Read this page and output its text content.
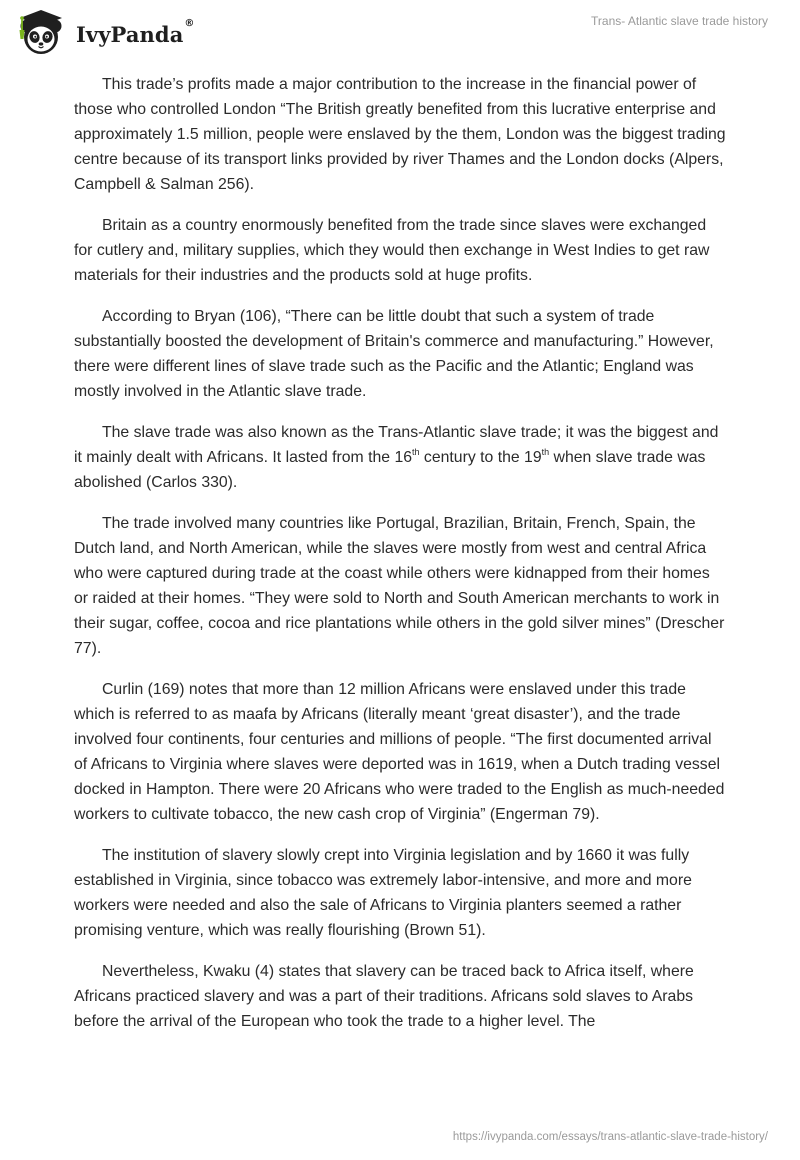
IvyPanda®	Trans- Atlantic slave trade history

This trade’s profits made a major contribution to the increase in the financial power of those who controlled London “The British greatly benefited from this lucrative enterprise and approximately 1.5 million, people were enslaved by the them, London was the biggest trading centre because of its transport links provided by river Thames and the London docks (Alpers, Campbell & Salman 256).

Britain as a country enormously benefited from the trade since slaves were exchanged for cutlery and, military supplies, which they would then exchange in West Indies to get raw materials for their industries and the products sold at huge profits.

According to Bryan (106), “There can be little doubt that such a system of trade substantially boosted the development of Britain's commerce and manufacturing.” However, there were different lines of slave trade such as the Pacific and the Atlantic; England was mostly involved in the Atlantic slave trade.

The slave trade was also known as the Trans-Atlantic slave trade; it was the biggest and it mainly dealt with Africans. It lasted from the 16th century to the 19th when slave trade was abolished (Carlos 330).

The trade involved many countries like Portugal, Brazilian, Britain, French, Spain, the Dutch land, and North American, while the slaves were mostly from west and central Africa who were captured during trade at the coast while others were kidnapped from their homes or raided at their homes. “They were sold to North and South American merchants to work in their sugar, coffee, cocoa and rice plantations while others in the gold silver mines” (Drescher 77).

Curlin (169) notes that more than 12 million Africans were enslaved under this trade which is referred to as maafa by Africans (literally meant ‘great disaster’), and the trade involved four continents, four centuries and millions of people. “The first documented arrival of Africans to Virginia where slaves were deported was in 1619, when a Dutch trading vessel docked in Hampton. There were 20 Africans who were traded to the English as much-needed workers to cultivate tobacco, the new cash crop of Virginia” (Engerman 79).

The institution of slavery slowly crept into Virginia legislation and by 1660 it was fully established in Virginia, since tobacco was extremely labor-intensive, and more and more workers were needed and also the sale of Africans to Virginia planters seemed a rather promising venture, which was really flourishing (Brown 51).

Nevertheless, Kwaku (4) states that slavery can be traced back to Africa itself, where Africans practiced slavery and was a part of their traditions. Africans sold slaves to Arabs before the arrival of the European who took the trade to a higher level. The

https://ivypanda.com/essays/trans-atlantic-slave-trade-history/
